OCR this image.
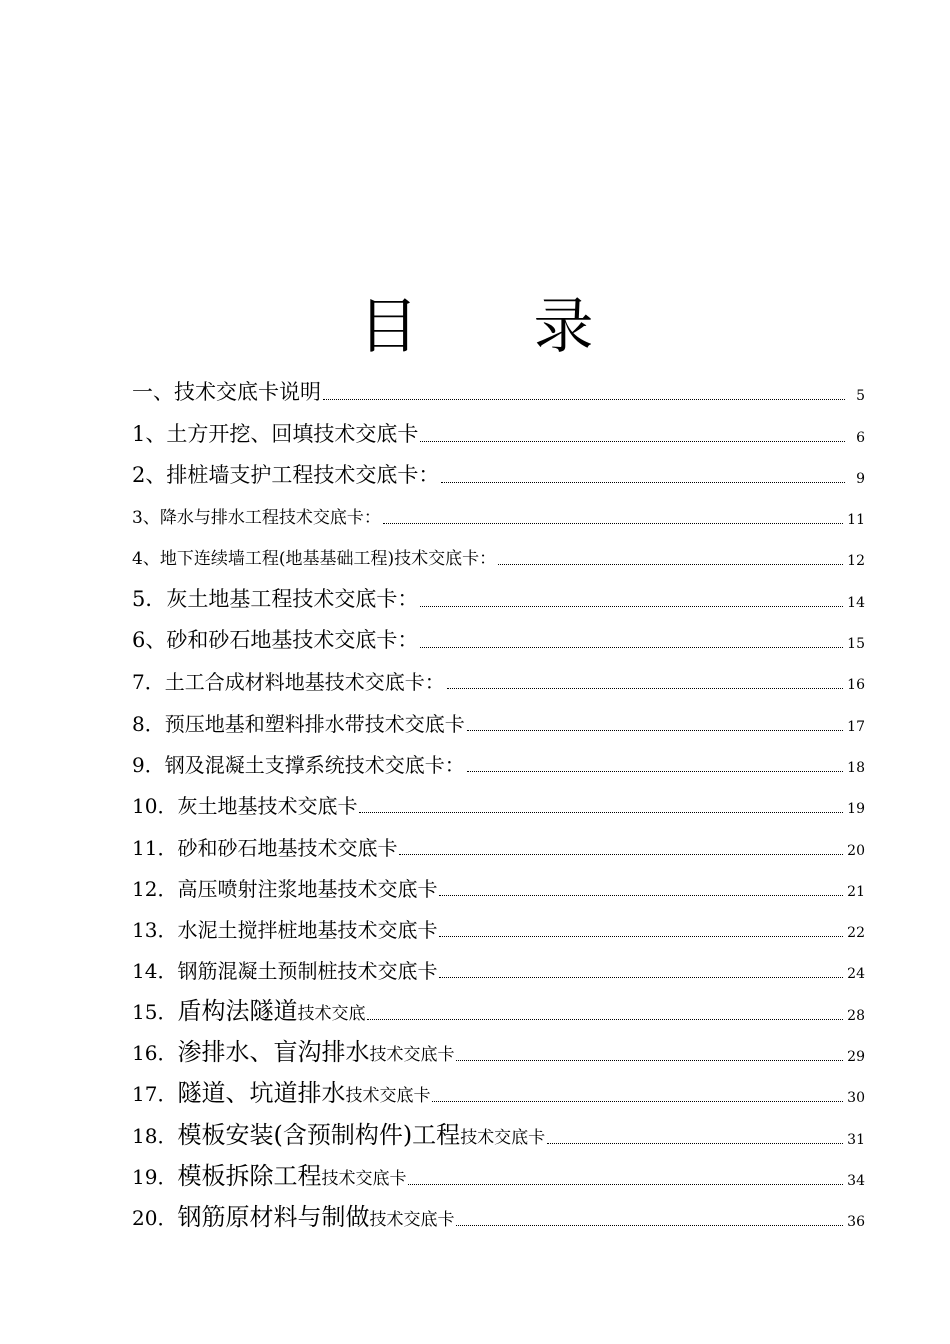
目 录
一、技术交底卡说明	5
1、土方开挖、回填技术交底卡	6
2、排桩墙支护工程技术交底卡：	9
3、降水与排水工程技术交底卡：	11
4、地下连续墙工程(地基基础工程)技术交底卡：	12
5．灰土地基工程技术交底卡：	14
6、砂和砂石地基技术交底卡：	15
7．土工合成材料地基技术交底卡：	16
8．预压地基和塑料排水带技术交底卡	17
9．钢及混凝土支撑系统技术交底卡：	18
10．灰土地基技术交底卡	19
11．砂和砂石地基技术交底卡	20
12．高压喷射注浆地基技术交底卡	21
13．水泥土搅拌桩地基技术交底卡	22
14．钢筋混凝土预制桩技术交底卡	24
15．盾构法隧道技术交底	28
16．渗排水、盲沟排水技术交底卡	29
17．隧道、坑道排水技术交底卡	30
18．模板安装(含预制构件)工程技术交底卡	31
19．模板拆除工程技术交底卡	34
20．钢筋原材料与制做技术交底卡	36
